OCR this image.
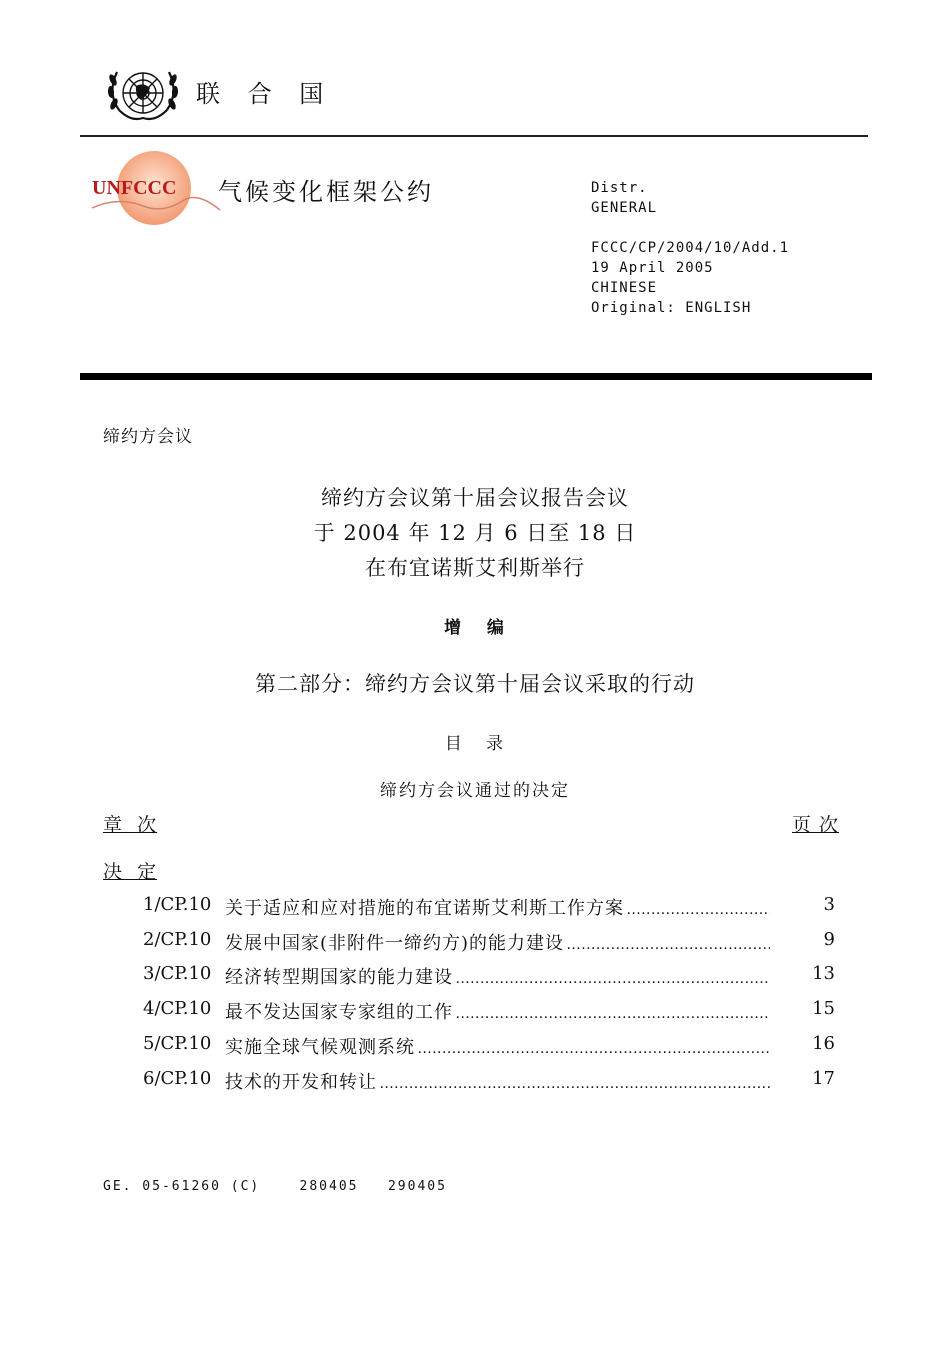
联 合 国
UNFCCC 气候变化框架公约	Distr.
GENERAL
FCCC/CP/2004/10/Add.1
19 April 2005
CHINESE
Original: ENGLISH
缔约方会议
缔约方会议第十届会议报告会议
于 2004 年 12 月 6 日至 18 日
在布宜诺斯艾利斯举行
增   编
第二部分：缔约方会议第十届会议采取的行动
目   录
缔约方会议通过的决定
章  次	页 次
决  定
1/CP.10 关于适应和应对措施的布宜诺斯艾利斯工作方案 . . .	3
2/CP.10 发展中国家(非附件一缔约方)的能力建设 . . .	9
3/CP.10 经济转型期国家的能力建设 . . .	13
4/CP.10 最不发达国家专家组的工作 . . .	15
5/CP.10 实施全球气候观测系统 . . .	16
6/CP.10 技术的开发和转让 . . .	17
GE. 05-61260 (C)    280405   290405
